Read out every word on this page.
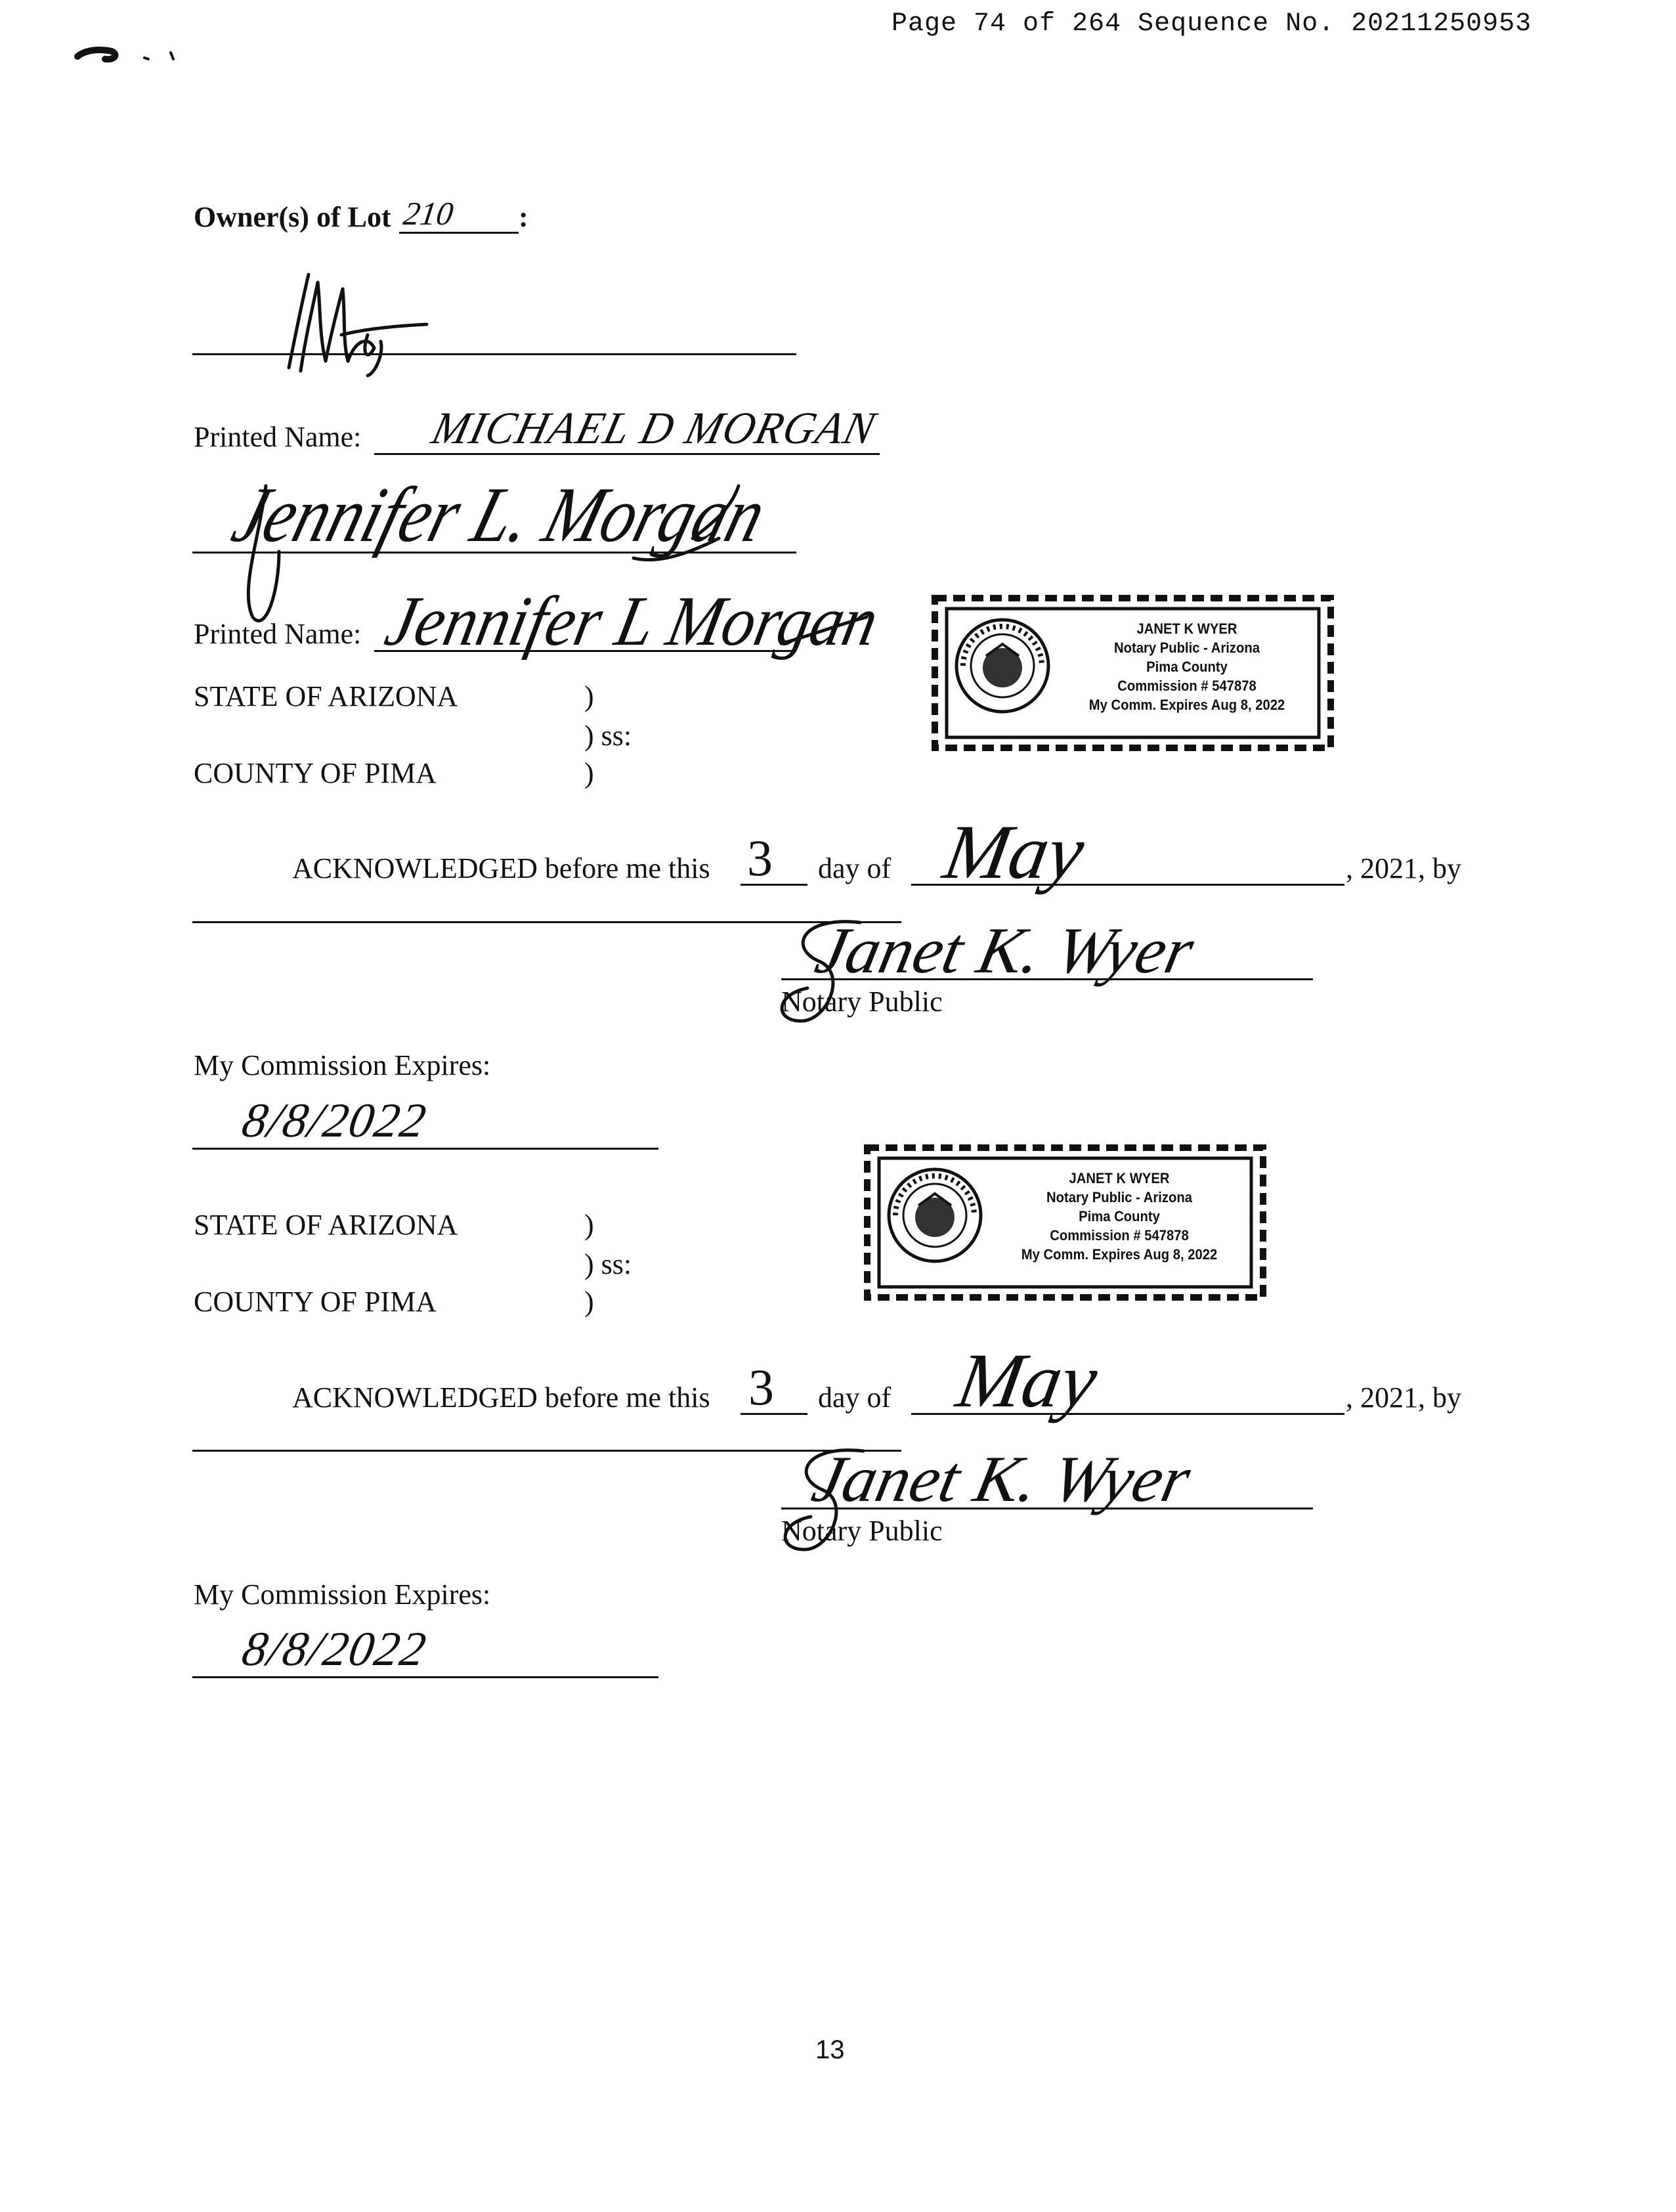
Page 74 of 264 Sequence No. 20211250953
Owner(s) of Lot 210 :
Printed Name: MICHAEL D MORGAN
Jennifer L. Morgan
Printed Name: Jennifer L Morgan	JANET K WYER
Notary Public - Arizona
Pima County
Commission # 547878
My Comm. Expires Aug 8, 2022
STATE OF ARIZONA	)
) ss:
COUNTY OF PIMA	)
ACKNOWLEDGED before me this 3 day of May	, 2021, by
Janet K. Wyer
Notary Public
My Commission Expires:
8/8/2022
JANET K WYER
Notary Public - Arizona
Pima County
Commission # 547878
My Comm. Expires Aug 8, 2022
STATE OF ARIZONA	)
) ss:
COUNTY OF PIMA	)
ACKNOWLEDGED before me this 3 day of May	, 2021, by
Janet K. Wyer
Notary Public
My Commission Expires:
8/8/2022
13
